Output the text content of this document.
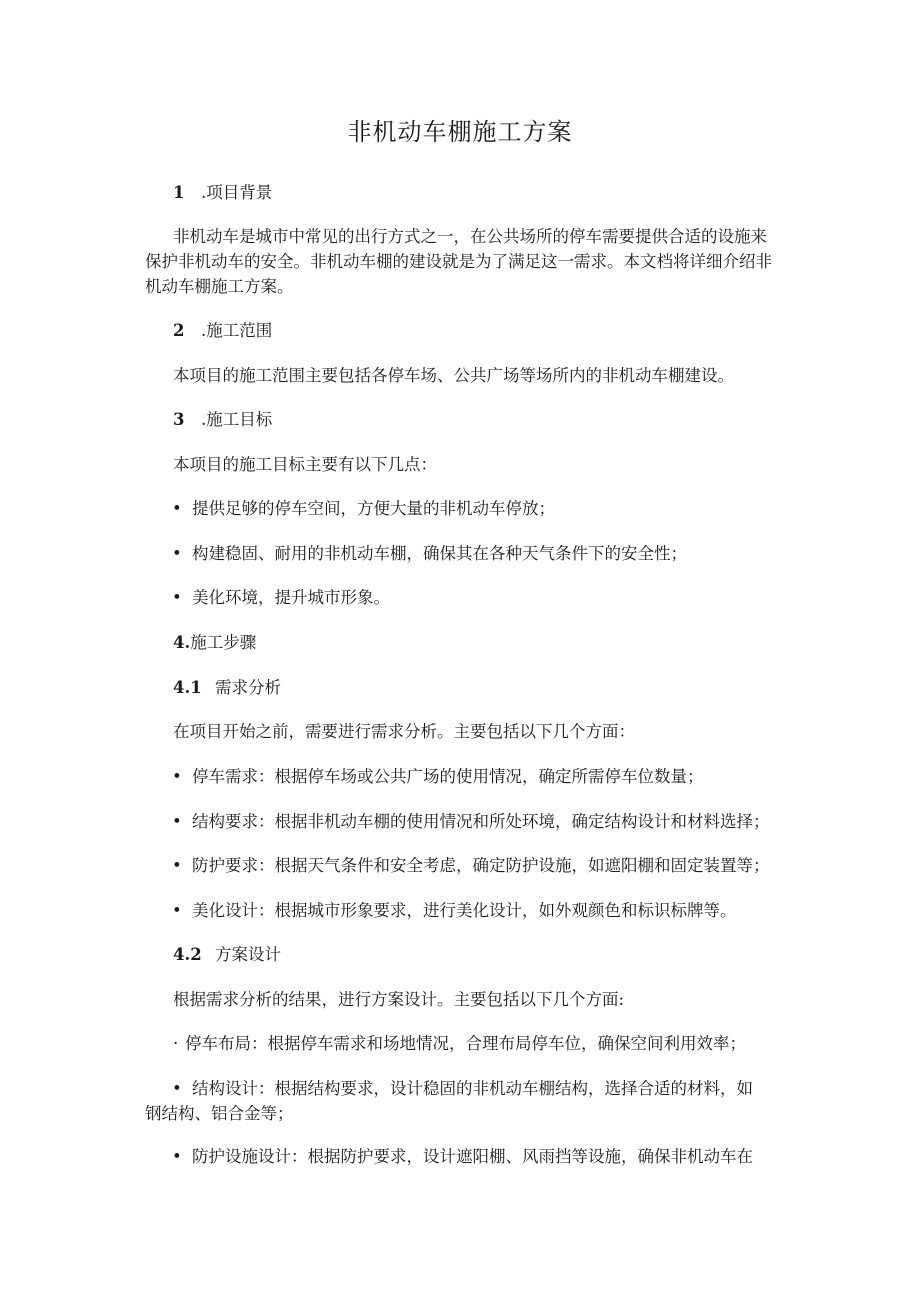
非机动车棚施工方案
1 .项目背景
非机动车是城市中常见的出行方式之一，在公共场所的停车需要提供合适的设施来
保护非机动车的安全。非机动车棚的建设就是为了满足这一需求。本文档将详细介绍非
机动车棚施工方案。
2 .施工范围
本项目的施工范围主要包括各停车场、公共广场等场所内的非机动车棚建设。
3 .施工目标
本项目的施工目标主要有以下几点：
• 提供足够的停车空间，方便大量的非机动车停放；
• 构建稳固、耐用的非机动车棚，确保其在各种天气条件下的安全性；
• 美化环境，提升城市形象。
4.施工步骤
4.1 需求分析
在项目开始之前，需要进行需求分析。主要包括以下几个方面：
• 停车需求：根据停车场或公共广场的使用情况，确定所需停车位数量；
• 结构要求：根据非机动车棚的使用情况和所处环境，确定结构设计和材料选择；
• 防护要求：根据天气条件和安全考虑，确定防护设施，如遮阳棚和固定装置等；
• 美化设计：根据城市形象要求，进行美化设计，如外观颜色和标识标牌等。
4.2 方案设计
根据需求分析的结果，进行方案设计。主要包括以下几个方面:
· 停车布局：根据停车需求和场地情况，合理布局停车位，确保空间利用效率；
• 结构设计：根据结构要求，设计稳固的非机动车棚结构，选择合适的材料，如
钢结构、铝合金等；
• 防护设施设计：根据防护要求，设计遮阳棚、风雨挡等设施，确保非机动车在
